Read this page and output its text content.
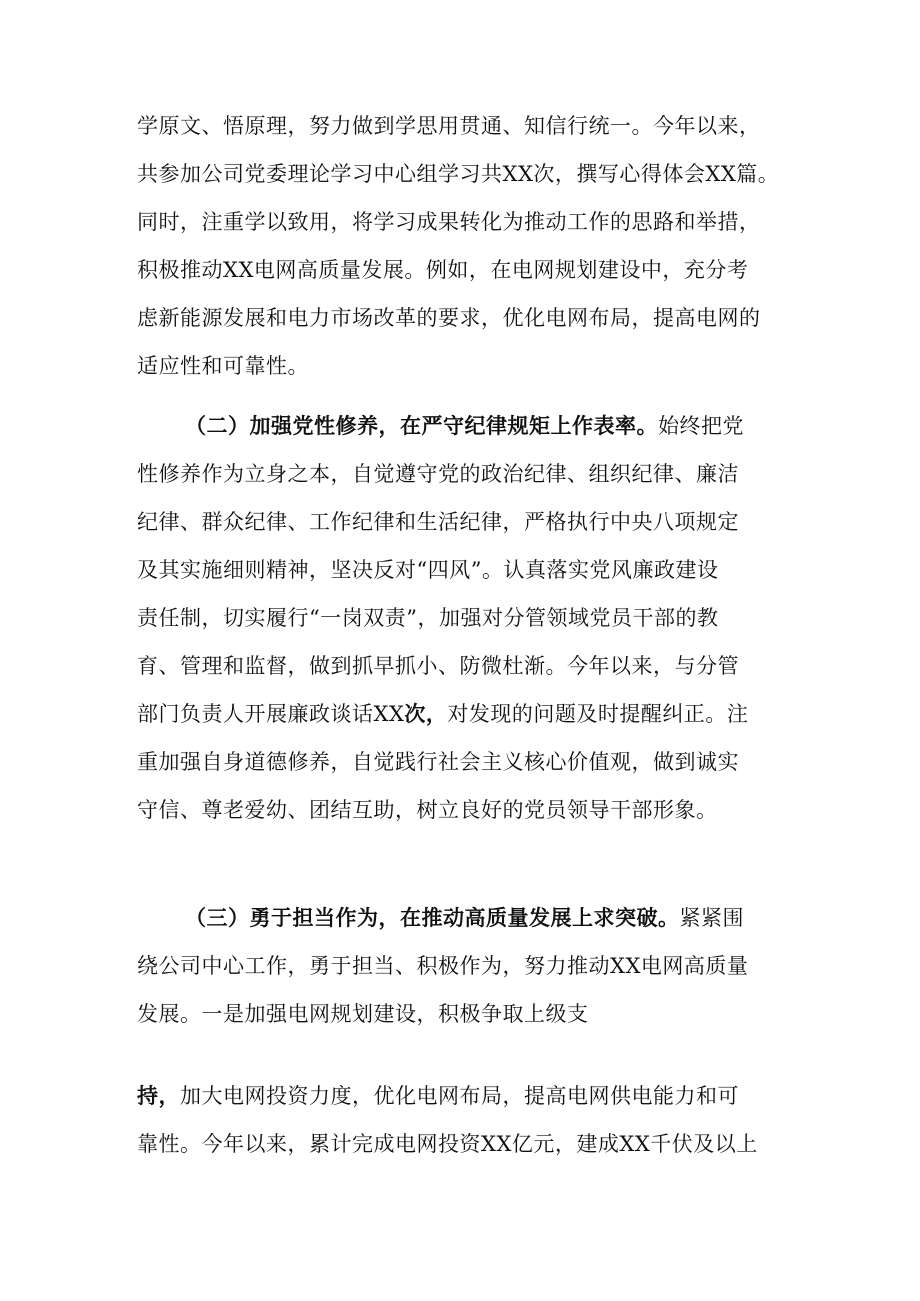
学原文、悟原理，努力做到学思用贯通、知信行统一。今年以来，
共参加公司党委理论学习中心组学习共XX次，撰写心得体会XX篇。
同时，注重学以致用，将学习成果转化为推动工作的思路和举措，
积极推动XX电网高质量发展。例如，在电网规划建设中，充分考
虑新能源发展和电力市场改革的要求，优化电网布局，提高电网的
适应性和可靠性。
（二）加强党性修养，在严守纪律规矩上作表率。始终把党
性修养作为立身之本，自觉遵守党的政治纪律、组织纪律、廉洁
纪律、群众纪律、工作纪律和生活纪律，严格执行中央八项规定
及其实施细则精神，坚决反对“四风”。认真落实党风廉政建设
责任制，切实履行“一岗双责”，加强对分管领域党员干部的教
育、管理和监督，做到抓早抓小、防微杜渐。今年以来，与分管
部门负责人开展廉政谈话XX次，对发现的问题及时提醒纠正。注
重加强自身道德修养，自觉践行社会主义核心价值观，做到诚实
守信、尊老爱幼、团结互助，树立良好的党员领导干部形象。
（三）勇于担当作为，在推动高质量发展上求突破。紧紧围
绕公司中心工作，勇于担当、积极作为，努力推动XX电网高质量
发展。一是加强电网规划建设，积极争取上级支
持，加大电网投资力度，优化电网布局，提高电网供电能力和可
靠性。今年以来，累计完成电网投资XX亿元，建成XX千伏及以上
